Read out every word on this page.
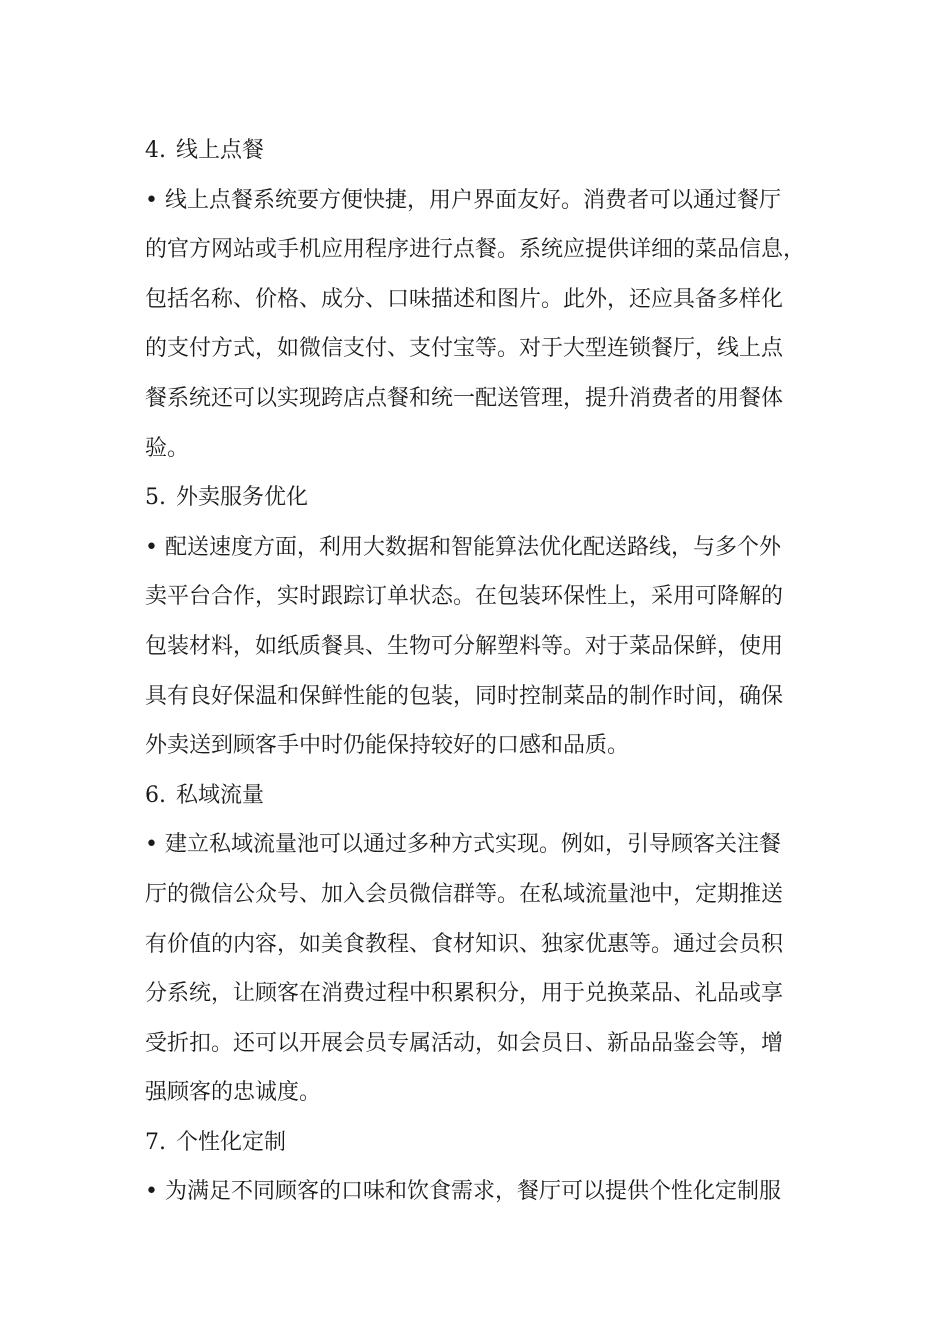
4. 线上点餐

• 线上点餐系统要方便快捷，用户界面友好。消费者可以通过餐厅

的官方网站或手机应用程序进行点餐。系统应提供详细的菜品信息，

包括名称、价格、成分、口味描述和图片。此外，还应具备多样化

的支付方式，如微信支付、支付宝等。对于大型连锁餐厅，线上点

餐系统还可以实现跨店点餐和统一配送管理，提升消费者的用餐体

验。

5. 外卖服务优化

• 配送速度方面，利用大数据和智能算法优化配送路线，与多个外

卖平台合作，实时跟踪订单状态。在包装环保性上，采用可降解的

包装材料，如纸质餐具、生物可分解塑料等。对于菜品保鲜，使用

具有良好保温和保鲜性能的包装，同时控制菜品的制作时间，确保

外卖送到顾客手中时仍能保持较好的口感和品质。

6. 私域流量

• 建立私域流量池可以通过多种方式实现。例如，引导顾客关注餐

厅的微信公众号、加入会员微信群等。在私域流量池中，定期推送

有价值的内容，如美食教程、食材知识、独家优惠等。通过会员积

分系统，让顾客在消费过程中积累积分，用于兑换菜品、礼品或享

受折扣。还可以开展会员专属活动，如会员日、新品品鉴会等，增

强顾客的忠诚度。

7. 个性化定制

• 为满足不同顾客的口味和饮食需求，餐厅可以提供个性化定制服
